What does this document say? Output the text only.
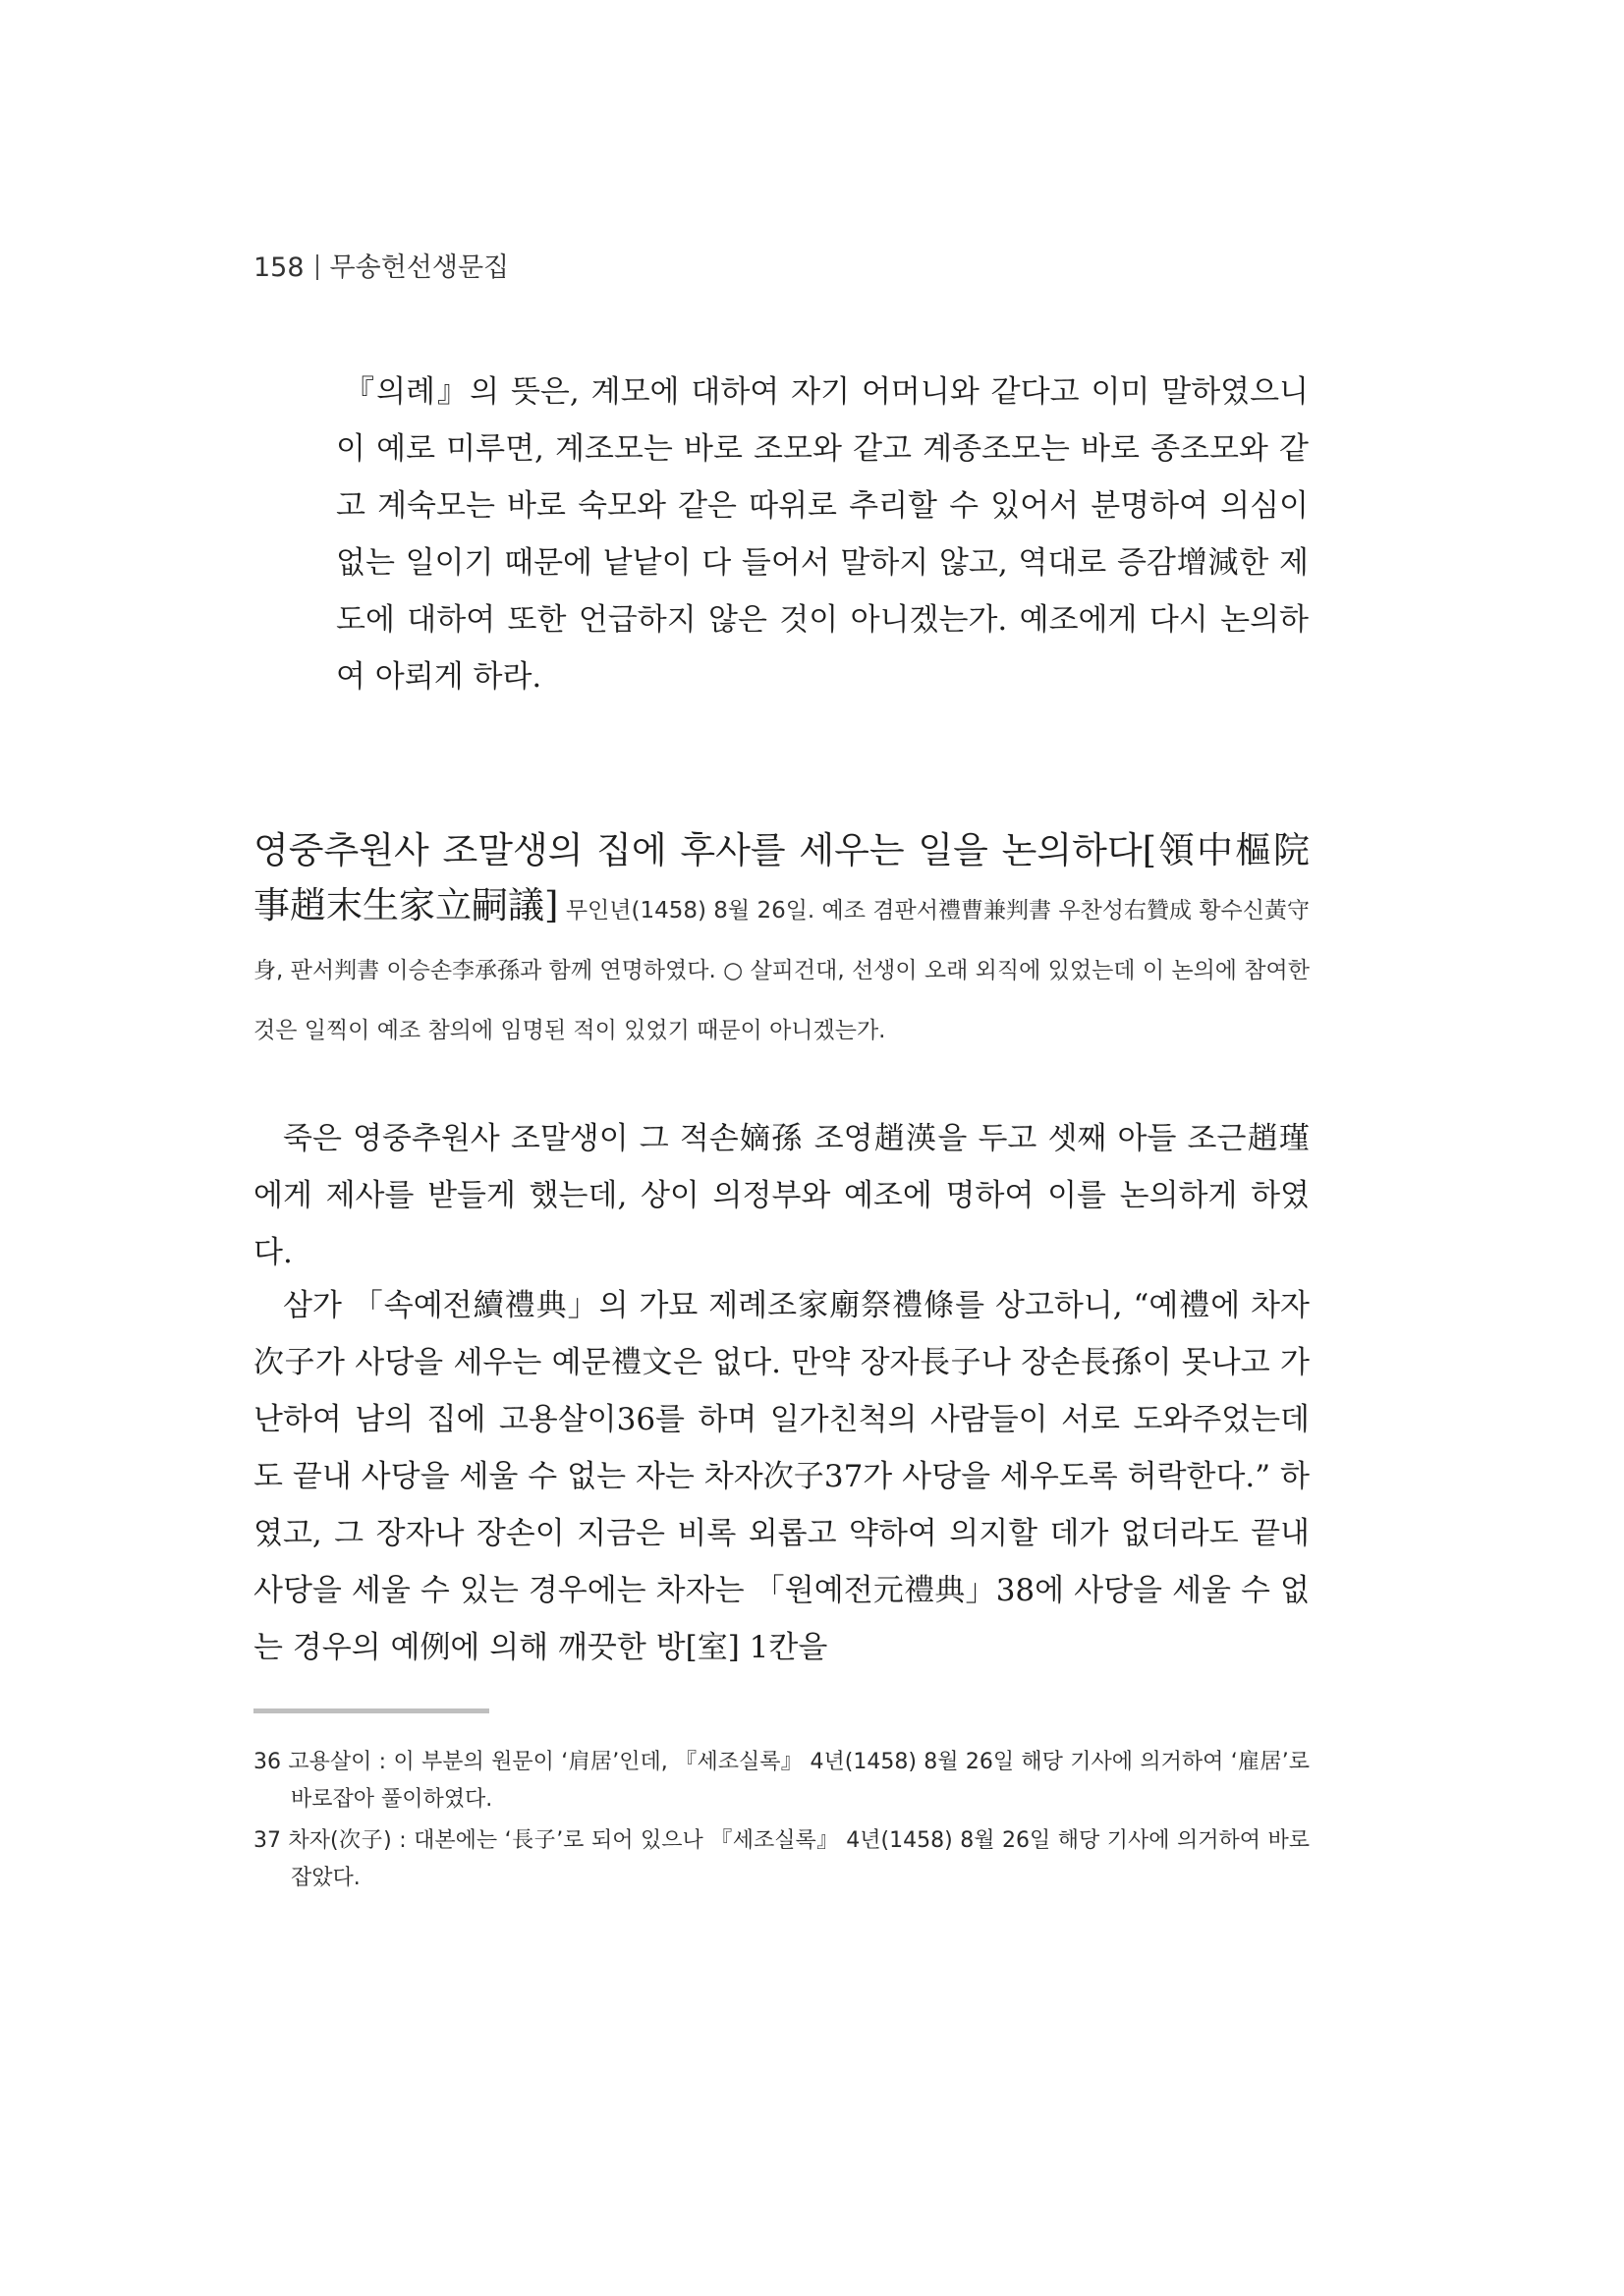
158 무송헌선생문집
『의례』의 뜻은, 계모에 대하여 자기 어머니와 같다고 이미 말하였으니 이 예로 미루면, 계조모는 바로 조모와 같고 계종조모는 바로 종조모와 같고 계숙모는 바로 숙모와 같은 따위로 추리할 수 있어서 분명하여 의심이 없는 일이기 때문에 낱낱이 다 들어서 말하지 않고, 역대로 증감增減한 제도에 대하여 또한 언급하지 않은 것이 아니겠는가. 예조에게 다시 논의하여 아뢰게 하라.
영중추원사 조말생의 집에 후사를 세우는 일을 논의하다[領中樞院事趙末生家立嗣議] 무인년(1458) 8월 26일. 예조 겸판서禮曹兼判書 우찬성右贊成 황수신黃守身, 판서判書 이승손李承孫과 함께 연명하였다. ○ 살피건대, 선생이 오래 외직에 있었는데 이 논의에 참여한 것은 일찍이 예조 참의에 임명된 적이 있었기 때문이 아니겠는가.
죽은 영중추원사 조말생이 그 적손嫡孫 조영趙渶을 두고 셋째 아들 조근趙瑾에게 제사를 받들게 했는데, 상이 의정부와 예조에 명하여 이를 논의하게 하였다.
삼가 「속예전續禮典」의 가묘 제례조家廟祭禮條를 상고하니, “예禮에 차자次子가 사당을 세우는 예문禮文은 없다. 만약 장자長子나 장손長孫이 못나고 가난하여 남의 집에 고용살이36를 하며 일가친척의 사람들이 서로 도와주었는데도 끝내 사당을 세울 수 없는 자는 차자次子37가 사당을 세우도록 허락한다.” 하였고, 그 장자나 장손이 지금은 비록 외롭고 약하여 의지할 데가 없더라도 끝내 사당을 세울 수 있는 경우에는 차자는 「원예전元禮典」38에 사당을 세울 수 없는 경우의 예例에 의해 깨끗한 방[室] 1칸을

36 고용살이 : 이 부분의 원문이 ‘肩居’인데, 『세조실록』 4년(1458) 8월 26일 해당 기사에 의거하여 ‘雇居’로 바로잡아 풀이하였다.

37 차자(次子) : 대본에는 ‘長子’로 되어 있으나 『세조실록』 4년(1458) 8월 26일 해당 기사에 의거하여 바로잡았다.
